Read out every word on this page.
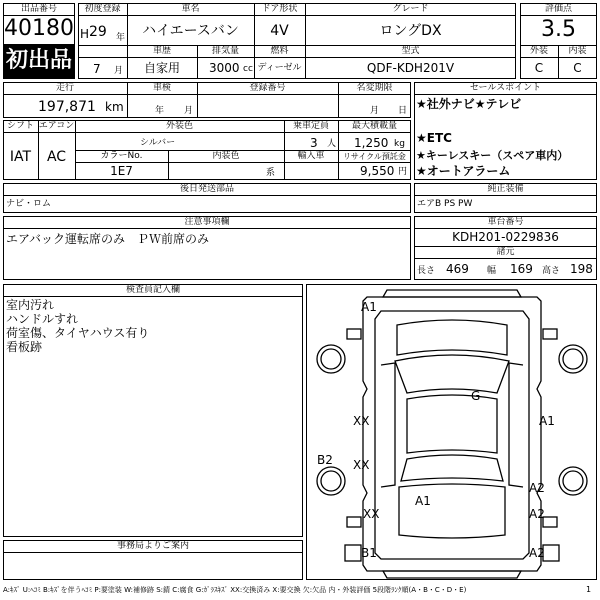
出品番号
40180
初出品
初度登録
H 29 年
7 月
車名
ハイエースバン
ドア形状
4V
グレード
ロングDX
車歴
自家用
排気量
3000 cc
燃料
ディーゼル
型式
QDF-KDH201V
評価点
3.5
外装	内装
C	C
走行
197,871 km
車検
年 月
登録番号	名変期限
月 日
セールスポイント
★社外ナビ★テレビ
★ETC
★キーレスキー（スペア車内）
★オートアラーム
シフト
IAT
エアコン
AC
外装色
シルバー
乗車定員
3 人
最大積載量
1,250 kg
カラーNo.
1E7
内装色
系
輸入車	リサイクル預託金
9,550 円
後日発送部品
ナビ・ロム
純正装備
エアB PS PW
注意事項欄
エアバック運転席のみ　ＰＷ前席のみ
車台番号
KDH201-0229836
諸元
長さ 469 幅 169 高さ 198
検査員記入欄
室内汚れ
ハンドルすれ
荷室傷、タイヤハウス有り
看板跡
事務局よりご案内
A1
G
XX
XX
A1
B2
A2
A1
XX	A2
B1	A2
A:ｷｽﾞ U:ﾍｺﾐ B:ｷｽﾞを伴うﾍｺﾐ P:要塗装 W:補修跡 S:錆 C:腐食 G:ｶﾞﾗｽｷｽﾞ XX:交換済み X:要交換 欠:欠品 内・外装評価 5段階ﾗﾝｸ順(A・B・C・D・E)	1
